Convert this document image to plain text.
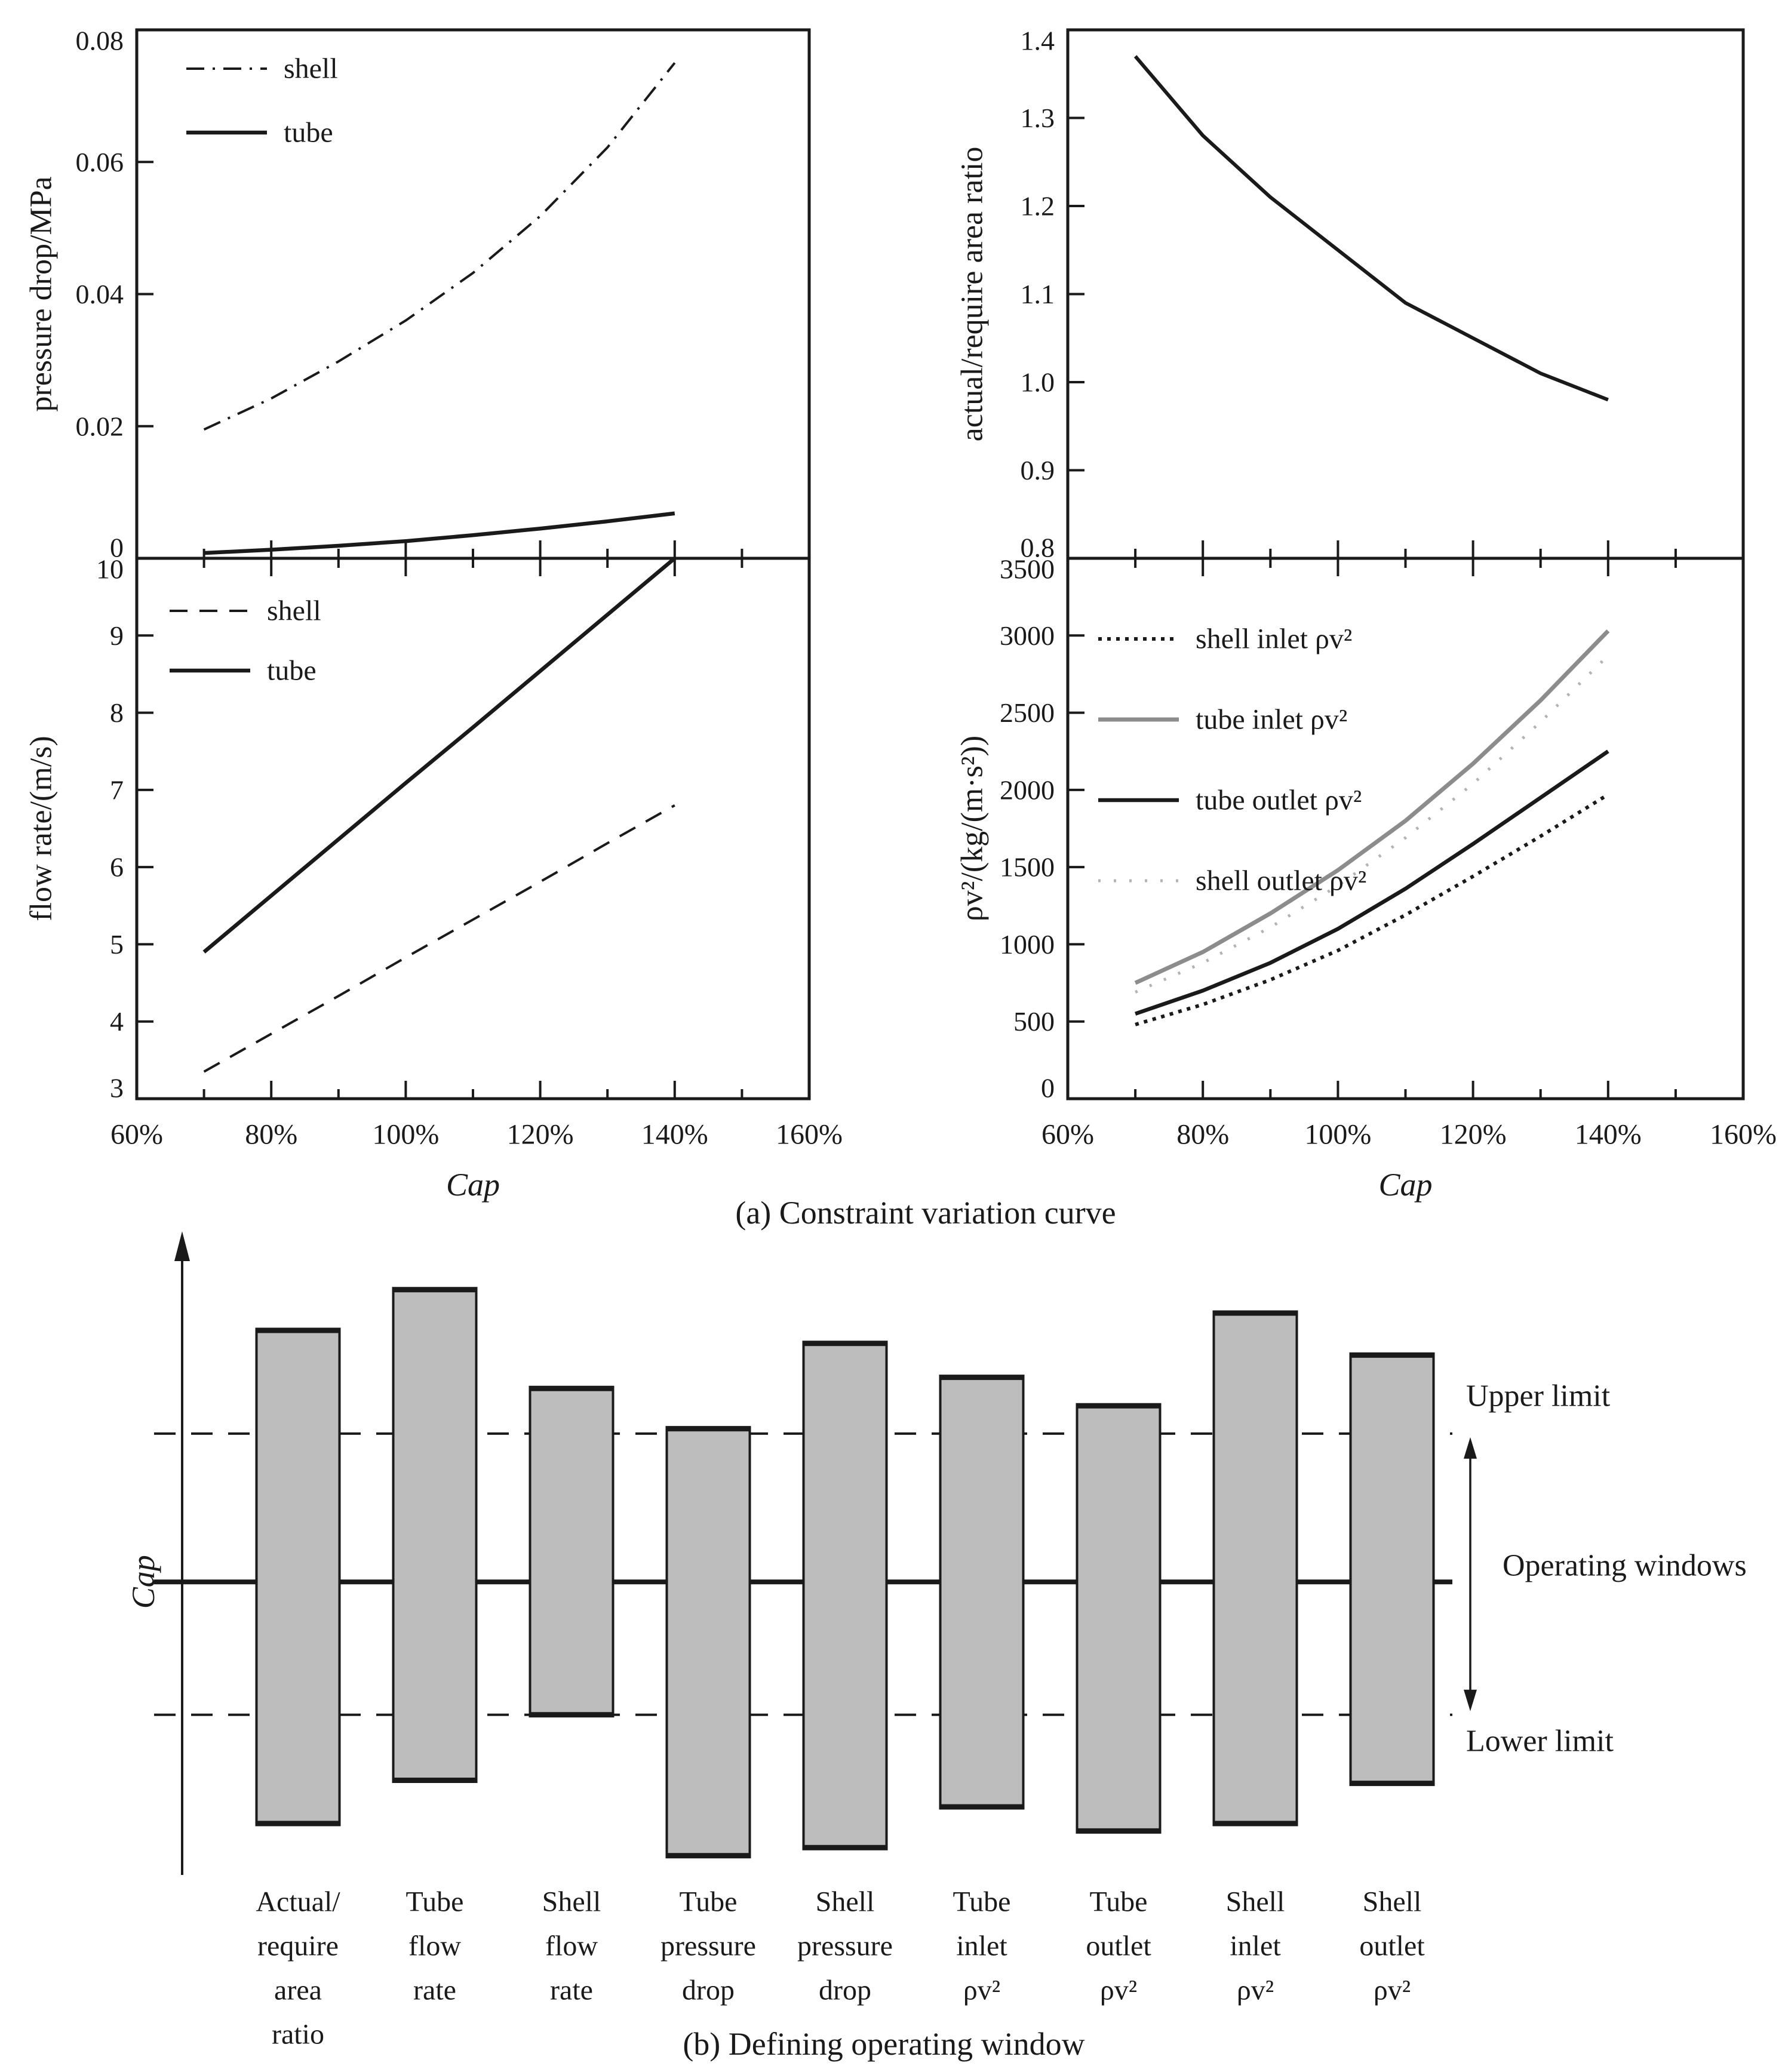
0
0.02
0.04
0.06
0.08
pressure drop/MPa
shell
tube
0.8
0.9
1.0
1.1
1.2
1.3
1.4
actual/require area ratio
3
4
5
6
7
8
9
10
60%	80%	100% 120% 140% 160%
Cap
flow rate/(m/s)
shell
tube
0
500
1000
1500
2000
2500
3000
3500
60%	80%	100% 120% 140% 160%
Cap
ρv²/(kg/(m·s²))
shell inlet ρv²
tube inlet ρv²
tube outlet ρv²
shell outlet ρv²
Cap
Actual/
require
area
ratio
Tube
flow
rate
Shell
flow
rate
Tube
pressure
drop
Shell
pressure
drop
Tube
inlet
ρv²
Tube
outlet
ρv²
Shell
inlet
ρv²
Shell
outlet
ρv²
Upper limit
Operating windows
Lower limit
(a) Constraint variation curve
(b) Defining operating window
